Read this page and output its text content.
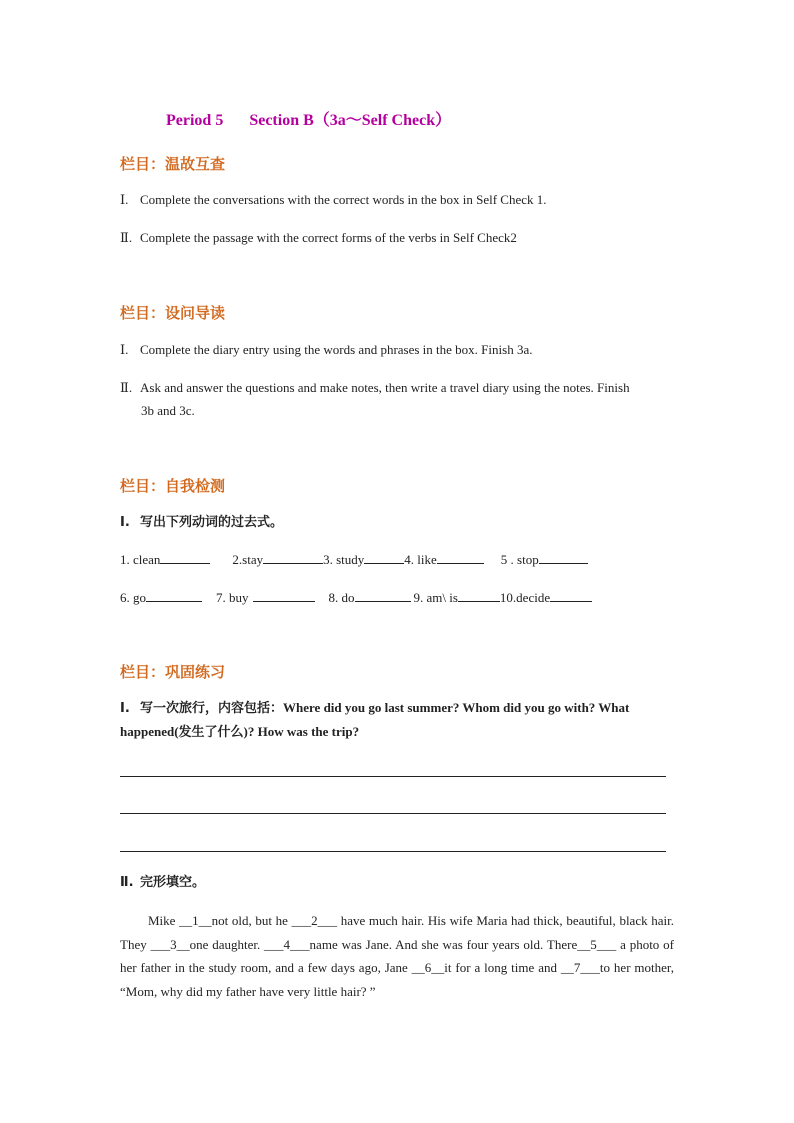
Period 5 Section B（3a～Self Check）
栏目：温故互查
Ⅰ. Complete the conversations with the correct words in the box in Self Check 1.
Ⅱ. Complete the passage with the correct forms of the verbs in Self Check2
栏目：设问导读
Ⅰ. Complete the diary entry using the words and phrases in the box. Finish 3a.
Ⅱ. Ask and answer the questions and make notes, then write a travel diary using the notes. Finish
3b and 3c.
栏目：自我检测
Ⅰ. 写出下列动词的过去式。
1. clean	2.stay	3. study	4. like	5 . stop
6. go	7. buy	8. do	9. am\ is	10.decide
栏目：巩固练习
Ⅰ. 写一次旅行，内容包括：Where did you go last summer? Whom did you go with? What
happened(发生了什么)? How was the trip?
Ⅱ. 完形填空。
Mike __1__not old, but he ___2___ have much hair. His wife Maria had thick, beautiful, black hair. They ___3__one daughter. ___4___name was Jane. And she was four years old. There__5___ a photo of her father in the study room, and a few days ago, Jane __6__it for a long time and __7___to her mother, “Mom, why did my father have very little hair? ”
